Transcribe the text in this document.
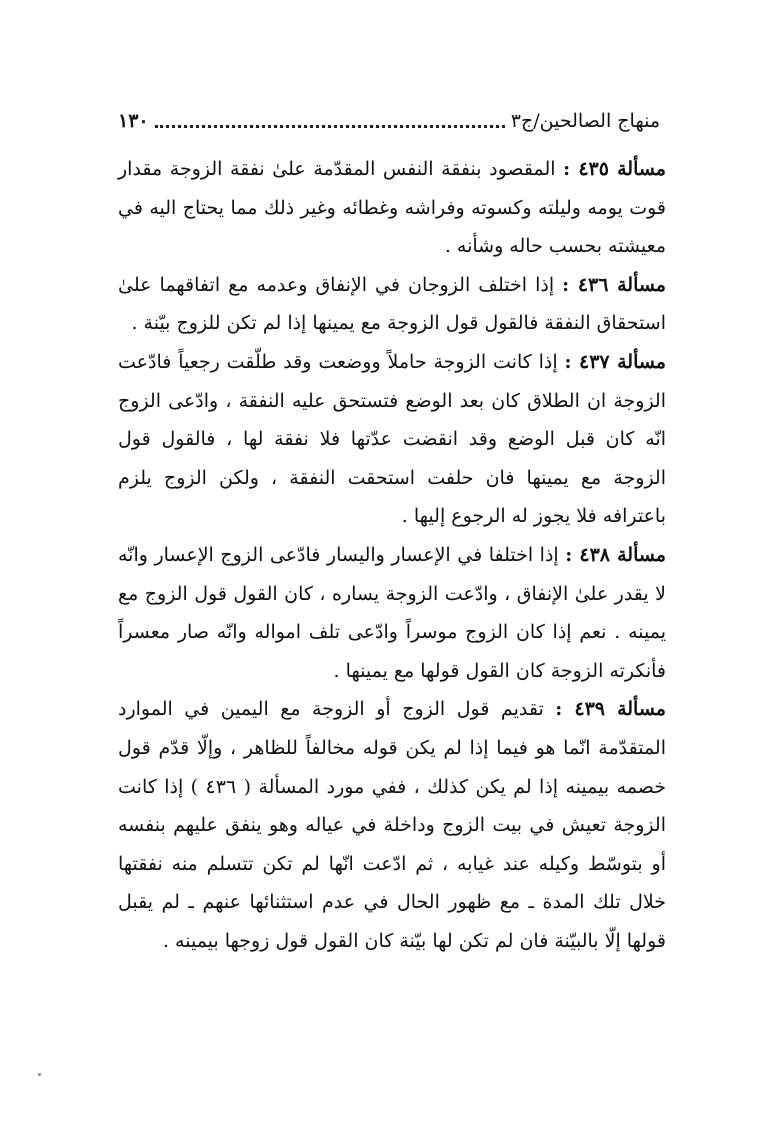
منهاج الصالحين/ج٣
١٣٠

مسألة ٤٣٥ : المقصود بنفقة النفس المقدّمة علىٰ نفقة الزوجة مقدار قوت يومه وليلته وكسوته وفراشه وغطائه وغير ذلك مما يحتاج اليه في معيشته بحسب حاله وشأنه .

مسألة ٤٣٦ : إذا اختلف الزوجان في الإنفاق وعدمه مع اتفاقهما علىٰ استحقاق النفقة فالقول قول الزوجة مع يمينها إذا لم تكن للزوج بيّنة .

مسألة ٤٣٧ : إذا كانت الزوجة حاملاً ووضعت وقد طلّقت رجعياً فادّعت الزوجة ان الطلاق كان بعد الوضع فتستحق عليه النفقة ، وادّعى الزوج انّه كان قبل الوضع وقد انقضت عدّتها فلا نفقة لها ، فالقول قول الزوجة مع يمينها فان حلفت استحقت النفقة ، ولكن الزوج يلزم باعترافه فلا يجوز له الرجوع إليها .

مسألة ٤٣٨ : إذا اختلفا في الإعسار واليسار فادّعى الزوج الإعسار وانّه لا يقدر علىٰ الإنفاق ، وادّعت الزوجة يساره ، كان القول قول الزوج مع يمينه . نعم إذا كان الزوج موسراً وادّعى تلف امواله وانّه صار معسراً فأنكرته الزوجة كان القول قولها مع يمينها .

مسألة ٤٣٩ : تقديم قول الزوج أو الزوجة مع اليمين في الموارد المتقدّمة انّما هو فيما إذا لم يكن قوله مخالفاً للظاهر ، وإلّا قدّم قول خصمه بيمينه إذا لم يكن كذلك ، ففي مورد المسألة ( ٤٣٦ ) إذا كانت الزوجة تعيش في بيت الزوج وداخلة في عياله وهو ينفق عليهم بنفسه أو بتوسّط وكيله عند غيابه ، ثم ادّعت انّها لم تكن تتسلم منه نفقتها خلال تلك المدة ـ مع ظهور الحال في عدم استثنائها عنهم ـ لم يقبل قولها إلّا بالبيّنة فان لم تكن لها بيّنة كان القول قول زوجها بيمينه .
